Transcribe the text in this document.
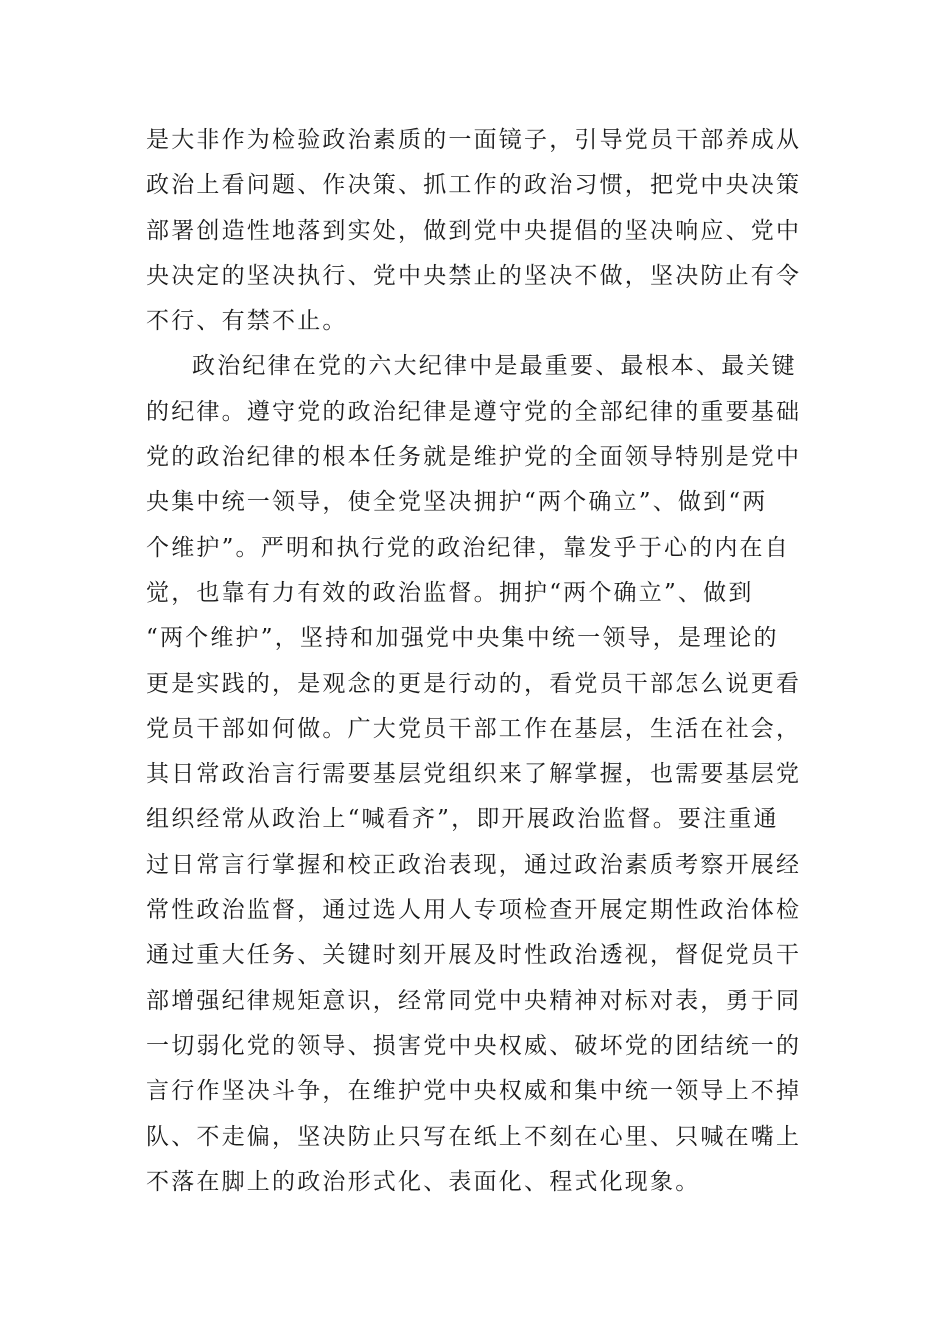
是大非作为检验政治素质的一面镜子，引导党员干部养成从
政治上看问题、作决策、抓工作的政治习惯，把党中央决策
部署创造性地落到实处，做到党中央提倡的坚决响应、党中
央决定的坚决执行、党中央禁止的坚决不做，坚决防止有令
不行、有禁不止。
政治纪律在党的六大纪律中是最重要、最根本、最关键
的纪律。遵守党的政治纪律是遵守党的全部纪律的重要基础
党的政治纪律的根本任务就是维护党的全面领导特别是党中
央集中统一领导，使全党坚决拥护“两个确立”、做到“两
个维护”。严明和执行党的政治纪律，靠发乎于心的内在自
觉，也靠有力有效的政治监督。拥护“两个确立”、做到
“两个维护”，坚持和加强党中央集中统一领导，是理论的
更是实践的，是观念的更是行动的，看党员干部怎么说更看
党员干部如何做。广大党员干部工作在基层，生活在社会，
其日常政治言行需要基层党组织来了解掌握，也需要基层党
组织经常从政治上“喊看齐”，即开展政治监督。要注重通
过日常言行掌握和校正政治表现，通过政治素质考察开展经
常性政治监督，通过选人用人专项检查开展定期性政治体检
通过重大任务、关键时刻开展及时性政治透视，督促党员干
部增强纪律规矩意识，经常同党中央精神对标对表，勇于同
一切弱化党的领导、损害党中央权威、破坏党的团结统一的
言行作坚决斗争，在维护党中央权威和集中统一领导上不掉
队、不走偏，坚决防止只写在纸上不刻在心里、只喊在嘴上
不落在脚上的政治形式化、表面化、程式化现象。
